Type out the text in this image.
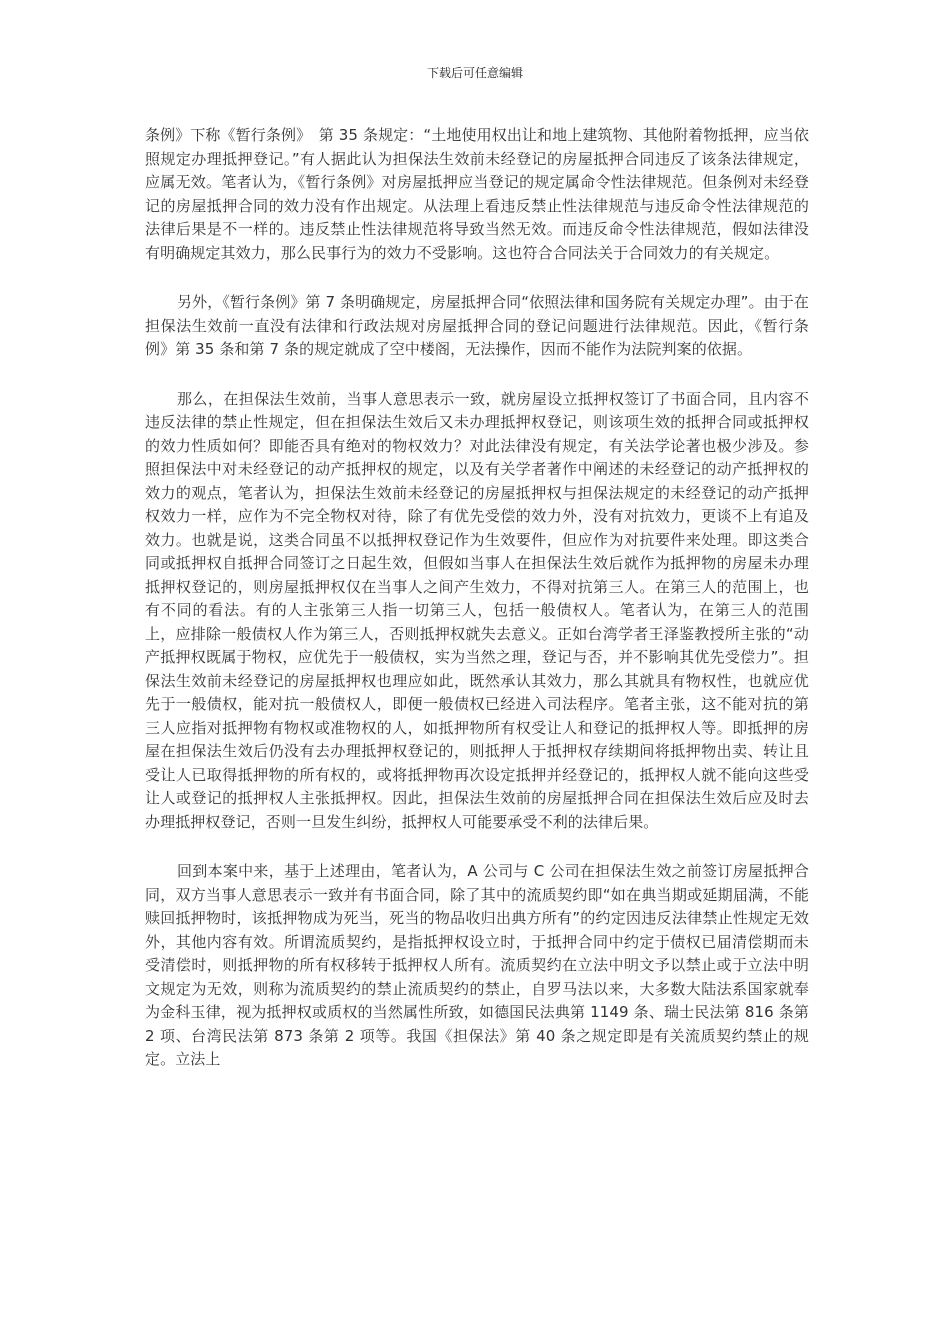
下载后可任意编辑

条例》下称《暂行条例》　第 35 条规定：“土地使用权出让和地上建筑物、其他附着物抵押，应当依照规定办理抵押登记。”有人据此认为担保法生效前未经登记的房屋抵押合同违反了该条法律规定，应属无效。笔者认为，《暂行条例》对房屋抵押应当登记的规定属命令性法律规范。但条例对未经登记的房屋抵押合同的效力没有作出规定。从法理上看违反禁止性法律规范与违反命令性法律规范的法律后果是不一样的。违反禁止性法律规范将导致当然无效。而违反命令性法律规范，假如法律没有明确规定其效力，那么民事行为的效力不受影响。这也符合合同法关于合同效力的有关规定。

另外，《暂行条例》第 7 条明确规定，房屋抵押合同“依照法律和国务院有关规定办理”。由于在担保法生效前一直没有法律和行政法规对房屋抵押合同的登记问题进行法律规范。因此，《暂行条例》第 35 条和第 7 条的规定就成了空中楼阁，无法操作，因而不能作为法院判案的依据。

那么，在担保法生效前，当事人意思表示一致，就房屋设立抵押权签订了书面合同，且内容不违反法律的禁止性规定，但在担保法生效后又未办理抵押权登记，则该项生效的抵押合同或抵押权的效力性质如何？即能否具有绝对的物权效力？对此法律没有规定，有关法学论著也极少涉及。参照担保法中对未经登记的动产抵押权的规定，以及有关学者著作中阐述的未经登记的动产抵押权的效力的观点，笔者认为，担保法生效前未经登记的房屋抵押权与担保法规定的未经登记的动产抵押权效力一样，应作为不完全物权对待，除了有优先受偿的效力外，没有对抗效力，更谈不上有追及效力。也就是说，这类合同虽不以抵押权登记作为生效要件，但应作为对抗要件来处理。即这类合同或抵押权自抵押合同签订之日起生效，但假如当事人在担保法生效后就作为抵押物的房屋未办理抵押权登记的，则房屋抵押权仅在当事人之间产生效力，不得对抗第三人。在第三人的范围上，也有不同的看法。有的人主张第三人指一切第三人，包括一般债权人。笔者认为，在第三人的范围上，应排除一般债权人作为第三人，否则抵押权就失去意义。正如台湾学者王泽鉴教授所主张的“动产抵押权既属于物权，应优先于一般债权，实为当然之理，登记与否，并不影响其优先受偿力”。担保法生效前未经登记的房屋抵押权也理应如此，既然承认其效力，那么其就具有物权性，也就应优先于一般债权，能对抗一般债权人，即便一般债权已经进入司法程序。笔者主张，这不能对抗的第三人应指对抵押物有物权或准物权的人，如抵押物所有权受让人和登记的抵押权人等。即抵押的房屋在担保法生效后仍没有去办理抵押权登记的，则抵押人于抵押权存续期间将抵押物出卖、转让且受让人已取得抵押物的所有权的，或将抵押物再次设定抵押并经登记的，抵押权人就不能向这些受让人或登记的抵押权人主张抵押权。因此，担保法生效前的房屋抵押合同在担保法生效后应及时去办理抵押权登记，否则一旦发生纠纷，抵押权人可能要承受不利的法律后果。

回到本案中来，基于上述理由，笔者认为，A 公司与 C 公司在担保法生效之前签订房屋抵押合同，双方当事人意思表示一致并有书面合同，除了其中的流质契约即“如在典当期或延期届满，不能赎回抵押物时，该抵押物成为死当，死当的物品收归出典方所有”的约定因违反法律禁止性规定无效外，其他内容有效。所谓流质契约，是指抵押权设立时，于抵押合同中约定于债权已届清偿期而未受清偿时，则抵押物的所有权移转于抵押权人所有。流质契约在立法中明文予以禁止或于立法中明文规定为无效，则称为流质契约的禁止流质契约的禁止，自罗马法以来，大多数大陆法系国家就奉为金科玉律，视为抵押权或质权的当然属性所致，如德国民法典第 1149 条、瑞士民法第 816 条第 2 项、台湾民法第 873 条第 2 项等。我国《担保法》第 40 条之规定即是有关流质契约禁止的规定。立法上
